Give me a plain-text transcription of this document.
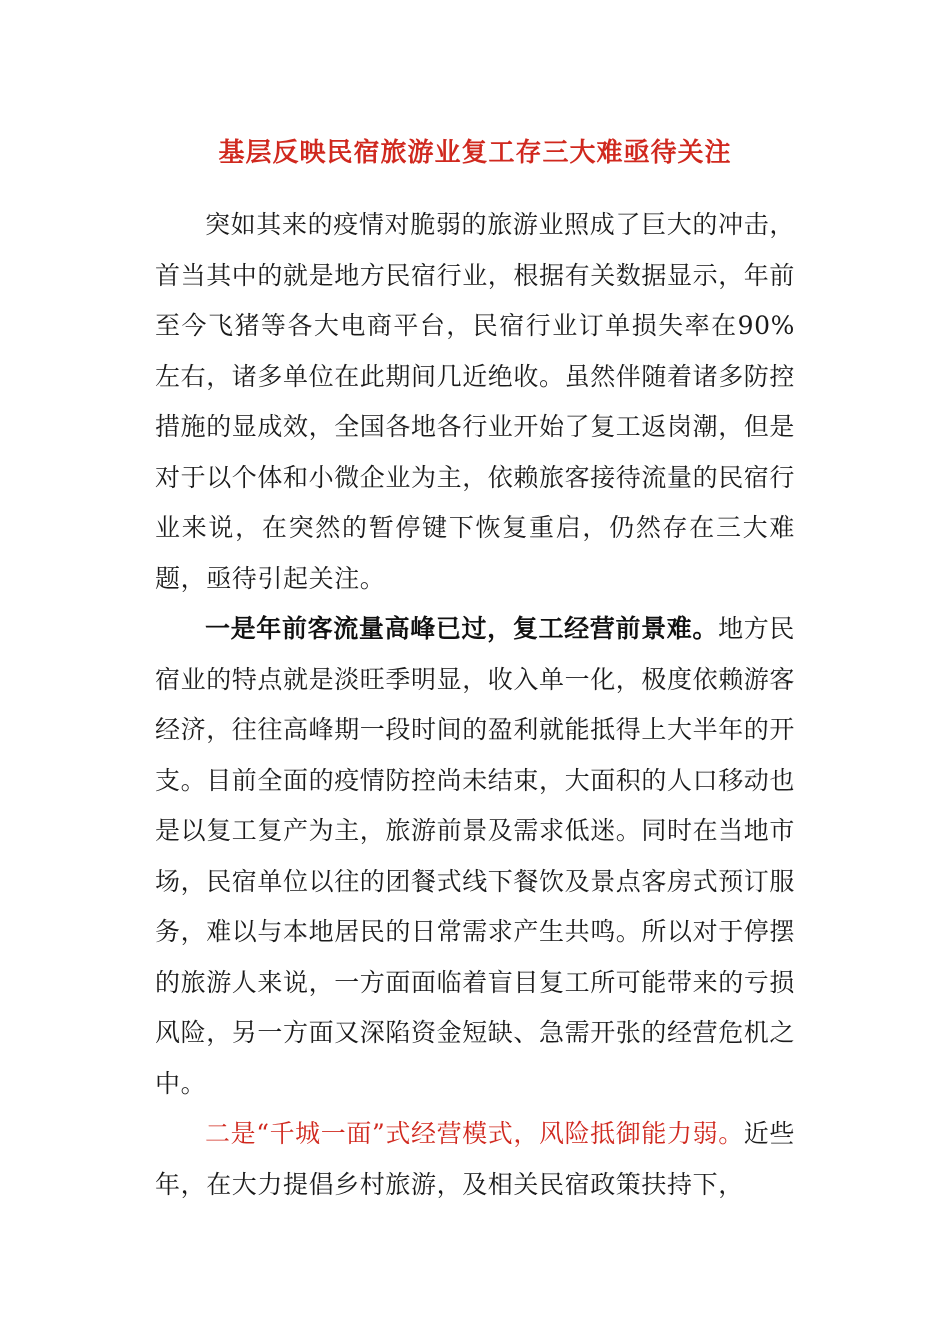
基层反映民宿旅游业复工存三大难亟待关注

突如其来的疫情对脆弱的旅游业照成了巨大的冲击，首当其中的就是地方民宿行业，根据有关数据显示，年前至今飞猪等各大电商平台，民宿行业订单损失率在90%左右，诸多单位在此期间几近绝收。虽然伴随着诸多防控措施的显成效，全国各地各行业开始了复工返岗潮，但是对于以个体和小微企业为主，依赖旅客接待流量的民宿行业来说，在突然的暂停键下恢复重启，仍然存在三大难题，亟待引起关注。

一是年前客流量高峰已过，复工经营前景难。地方民宿业的特点就是淡旺季明显，收入单一化，极度依赖游客经济，往往高峰期一段时间的盈利就能抵得上大半年的开支。目前全面的疫情防控尚未结束，大面积的人口移动也是以复工复产为主，旅游前景及需求低迷。同时在当地市场，民宿单位以往的团餐式线下餐饮及景点客房式预订服务，难以与本地居民的日常需求产生共鸣。所以对于停摆的旅游人来说，一方面面临着盲目复工所可能带来的亏损风险，另一方面又深陷资金短缺、急需开张的经营危机之中。

二是“千城一面”式经营模式，风险抵御能力弱。近些年，在大力提倡乡村旅游，及相关民宿政策扶持下，
